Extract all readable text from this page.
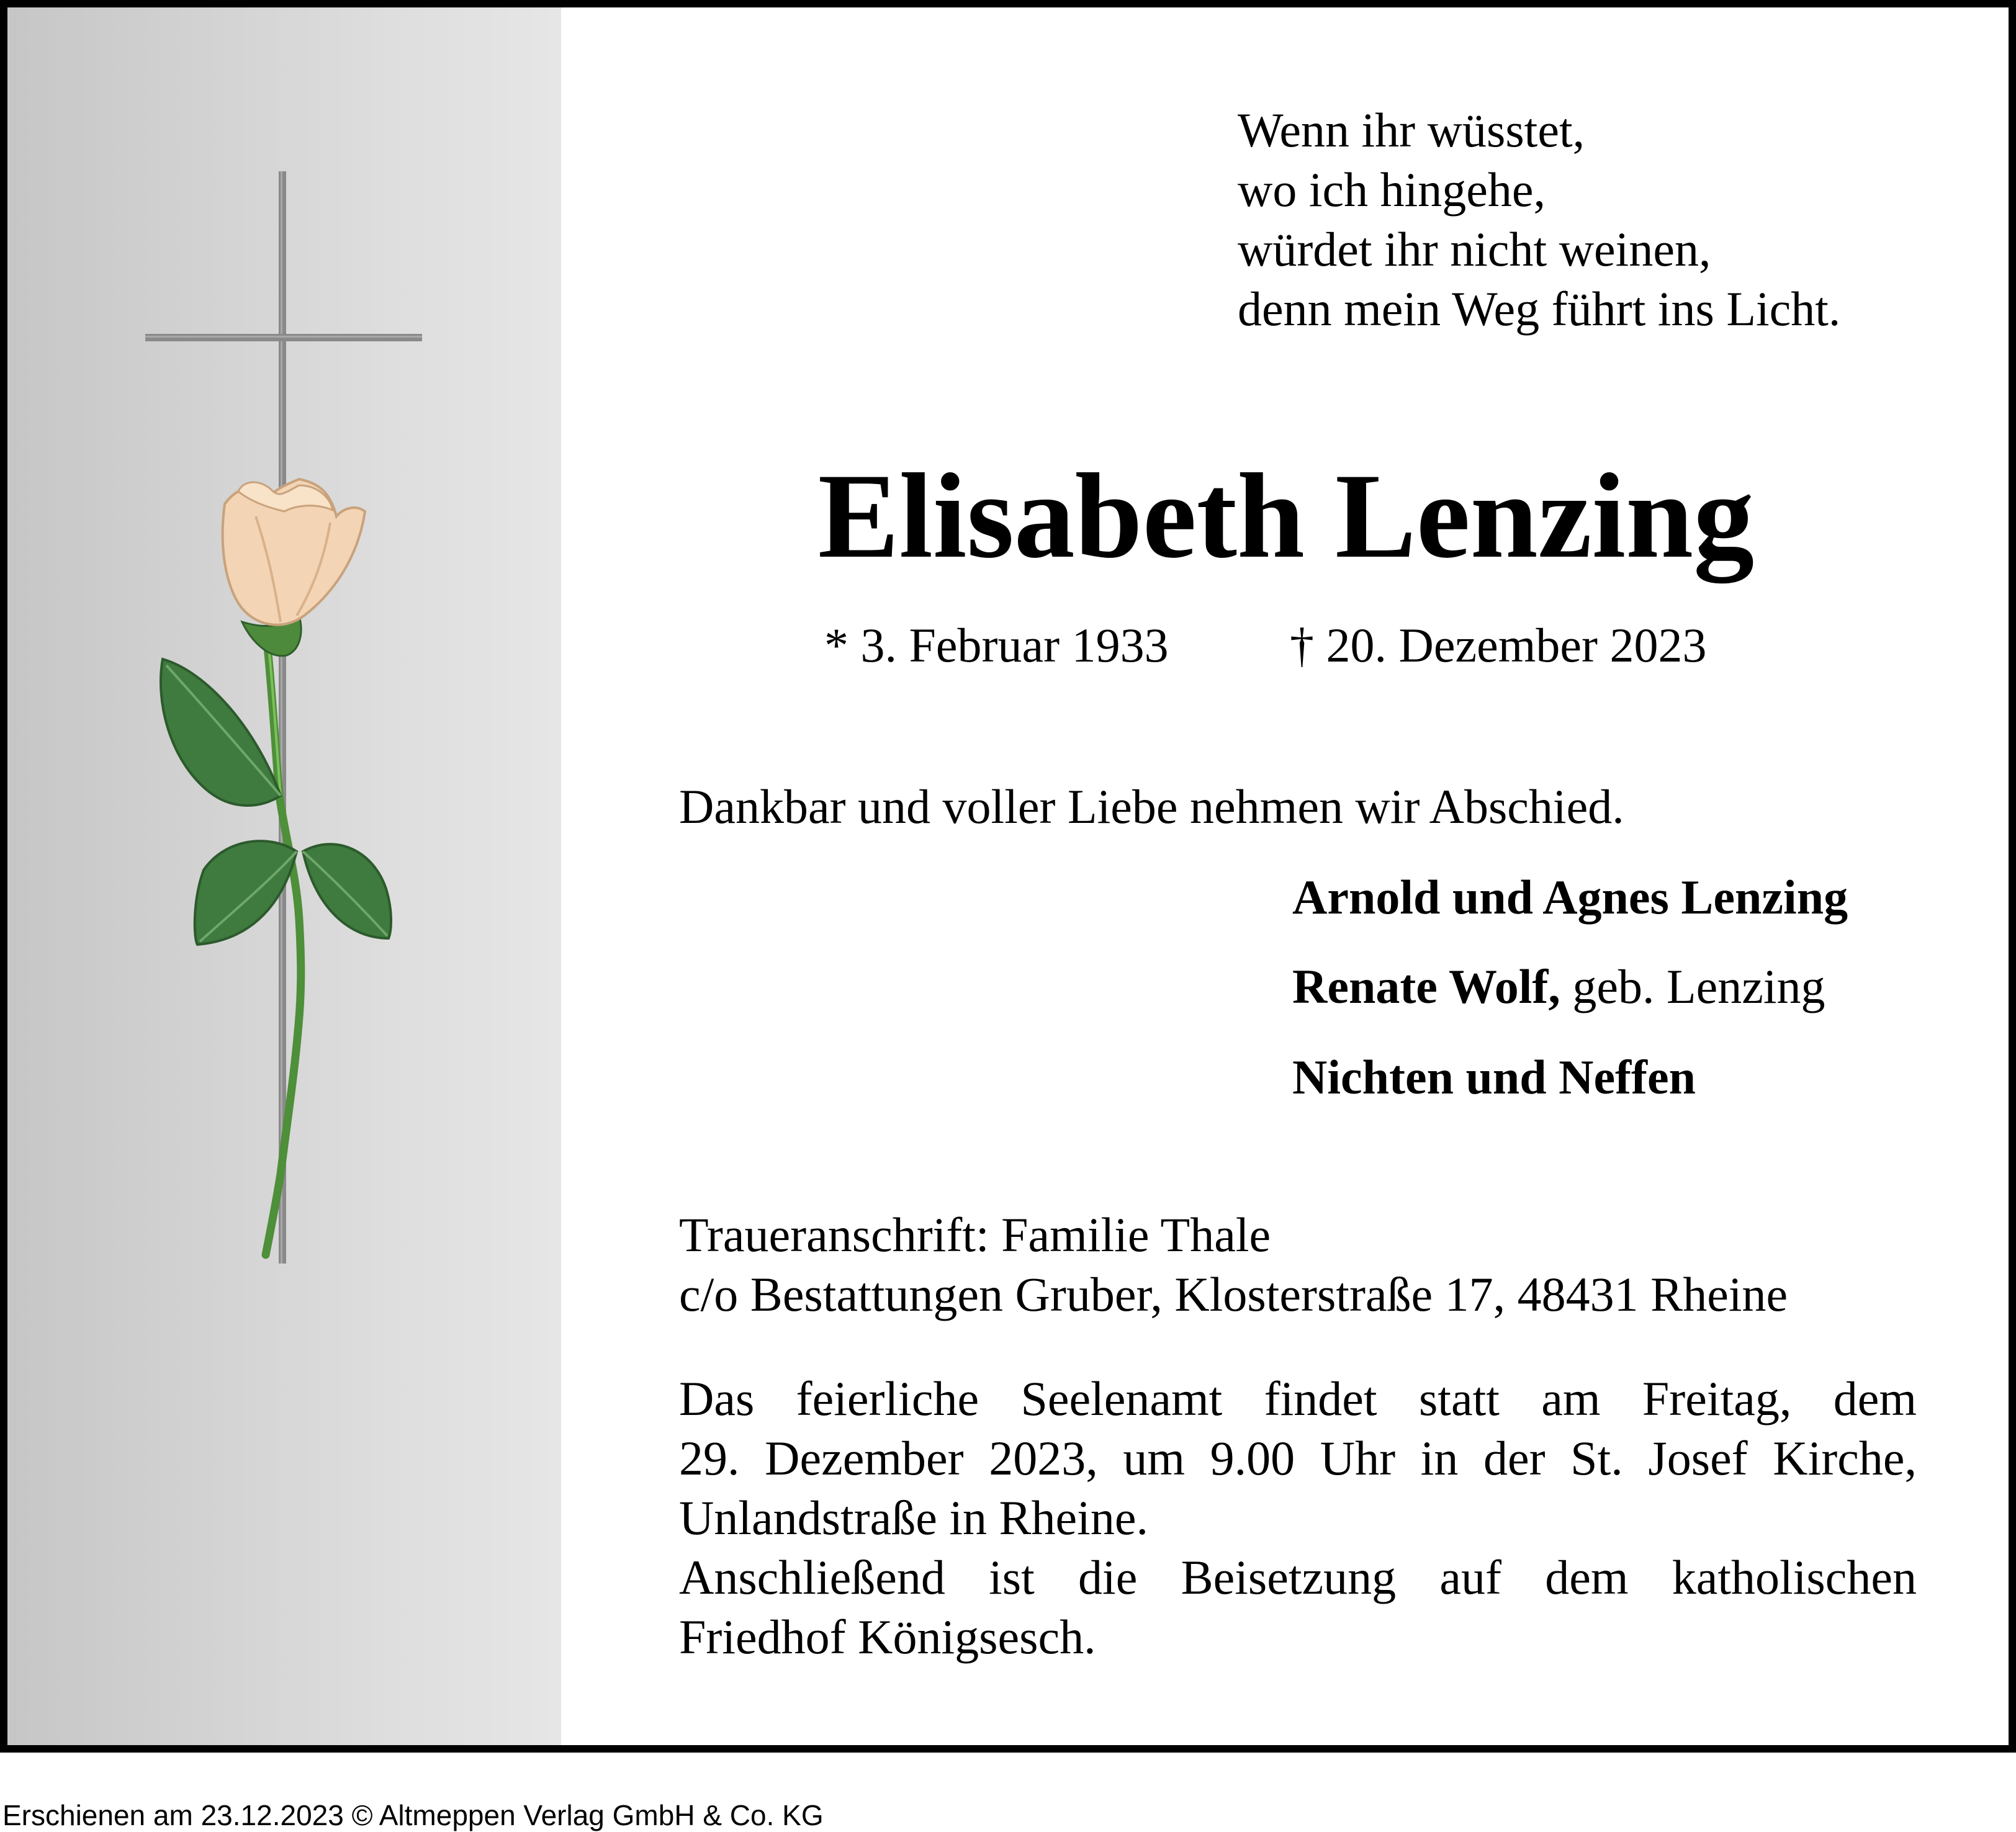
Wenn ihr wüsstet,
wo ich hingehe,
würdet ihr nicht weinen,
denn mein Weg führt ins Licht.
Elisabeth Lenzing
* 3. Februar 1933	† 20. Dezember 2023
Dankbar und voller Liebe nehmen wir Abschied.
Arnold und Agnes Lenzing
Renate Wolf, geb. Lenzing
Nichten und Neffen
Traueranschrift: Familie Thale
c/o Bestattungen Gruber, Klosterstraße 17, 48431 Rheine
Das feierliche Seelenamt findet statt am Freitag, dem
29. Dezember 2023, um 9.00 Uhr in der St. Josef Kirche,
Unlandstraße in Rheine.
Anschließend ist die Beisetzung auf dem katholischen
Friedhof Königsesch.
Erschienen am 23.12.2023 © Altmeppen Verlag GmbH & Co. KG
